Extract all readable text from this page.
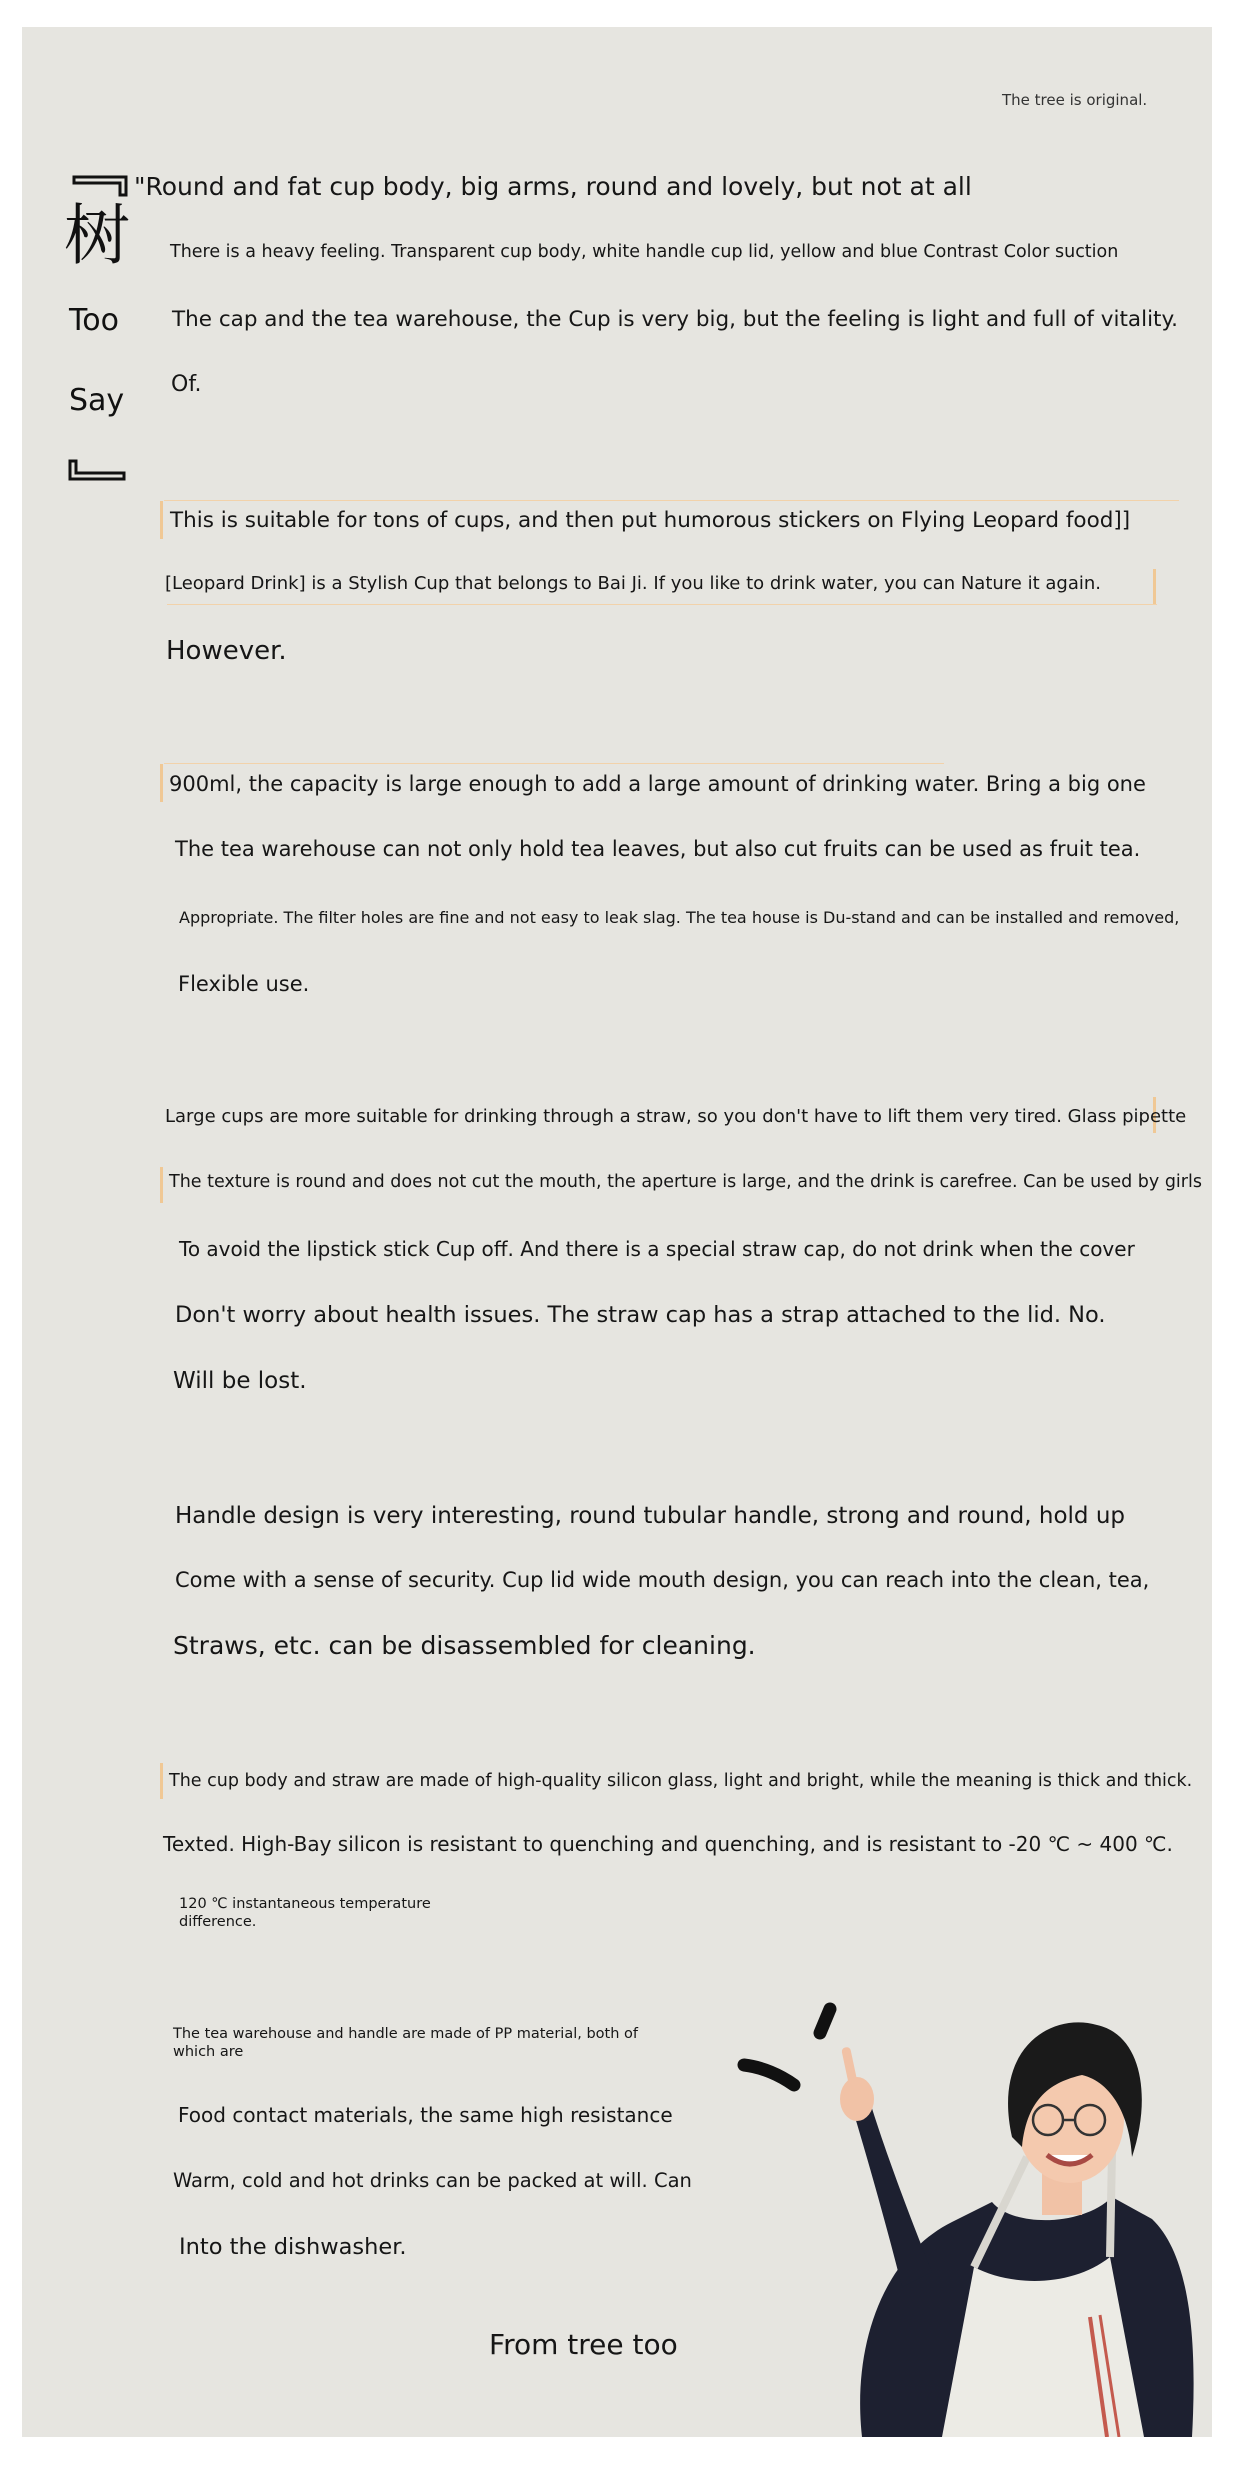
The tree is original.

树
Too
Say

"Round and fat cup body, big arms, round and lovely, but not at all

There is a heavy feeling. Transparent cup body, white handle cup lid, yellow and blue Contrast Color suction

The cap and the tea warehouse, the Cup is very big, but the feeling is light and full of vitality.

Of.

This is suitable for tons of cups, and then put humorous stickers on Flying Leopard food]]

[Leopard Drink] is a Stylish Cup that belongs to Bai Ji. If you like to drink water, you can Nature it again.

However.

900ml, the capacity is large enough to add a large amount of drinking water. Bring a big one

The tea warehouse can not only hold tea leaves, but also cut fruits can be used as fruit tea.

Appropriate. The filter holes are fine and not easy to leak slag. The tea house is Du-stand and can be installed and removed,

Flexible use.

Large cups are more suitable for drinking through a straw, so you don't have to lift them very tired. Glass pipette

The texture is round and does not cut the mouth, the aperture is large, and the drink is carefree. Can be used by girls

To avoid the lipstick stick Cup off. And there is a special straw cap, do not drink when the cover

Don't worry about health issues. The straw cap has a strap attached to the lid. No.

Will be lost.

Handle design is very interesting, round tubular handle, strong and round, hold up

Come with a sense of security. Cup lid wide mouth design, you can reach into the clean, tea,

Straws, etc. can be disassembled for cleaning.

The cup body and straw are made of high-quality silicon glass, light and bright, while the meaning is thick and thick.

Texted. High-Bay silicon is resistant to quenching and quenching, and is resistant to -20 ℃ ~ 400 ℃.

120 ℃ instantaneous temperature difference.

The tea warehouse and handle are made of PP material, both of which are

Food contact materials, the same high resistance

Warm, cold and hot drinks can be packed at will. Can

Into the dishwasher.

From tree too
